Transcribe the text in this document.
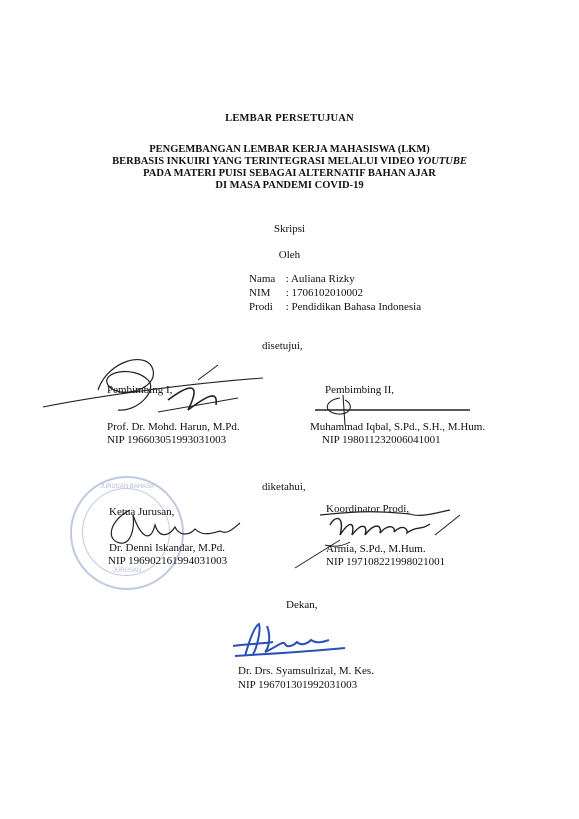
LEMBAR PERSETUJUAN
PENGEMBANGAN LEMBAR KERJA MAHASISWA (LKM)
BERBASIS INKUIRI YANG TERINTEGRASI MELALUI VIDEO YOUTUBE
PADA MATERI PUISI SEBAGAI ALTERNATIF BAHAN AJAR
DI MASA PANDEMI COVID-19
Skripsi
Oleh
Nama : Auliana Rizky
NIM : 1706102010002
Prodi : Pendidikan Bahasa Indonesia
disetujui,
Pembimbing I,
Prof. Dr. Mohd. Harun, M.Pd.
NIP 196603051993031003
Pembimbing II,
Muhammad Iqbal, S.Pd., S.H., M.Hum.
NIP 198011232006041001
diketahui,
JURUSAN BAHASA
JURUSAN
Ketua Jurusan,
Dr. Denni Iskandar, M.Pd.
NIP 196902161994031003
Koordinator Prodi,
Armia, S.Pd., M.Hum.
NIP 197108221998021001
Dekan,
Dr. Drs. Syamsulrizal, M. Kes.
NIP 196701301992031003
